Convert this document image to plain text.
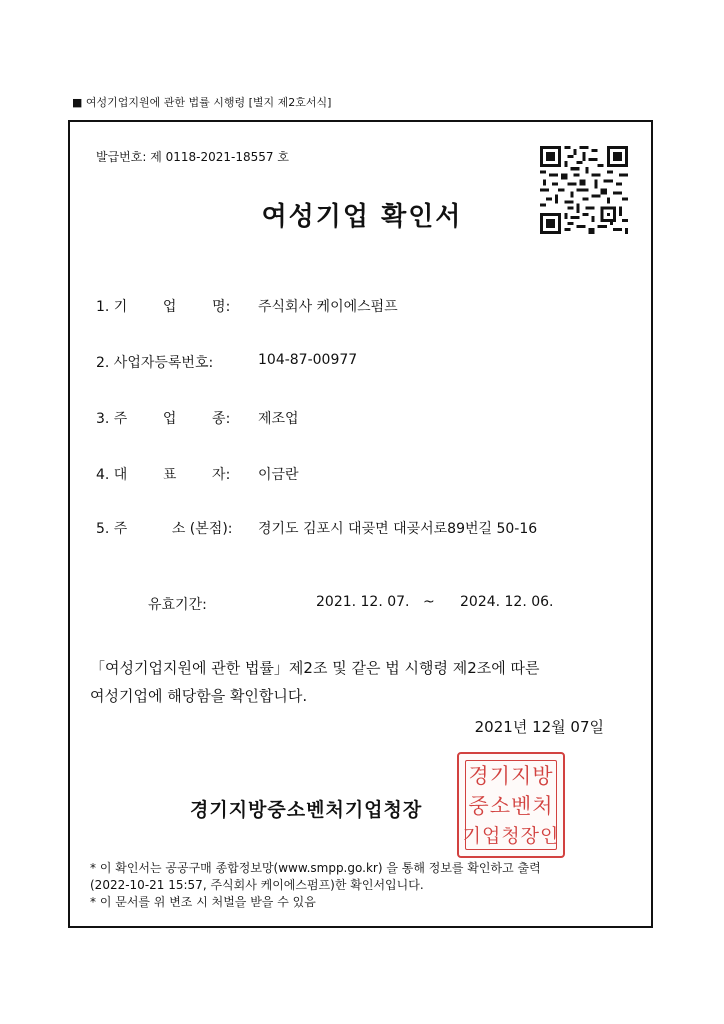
■ 여성기업지원에 관한 법률 시행령 [별지 제2호서식]
발급번호: 제 0118-2021-18557 호
여성기업 확인서
1. 기        업        명: 주식회사 케이에스펌프
2. 사업자등록번호:	104-87-00977
3. 주        업        종: 제조업
4. 대        표        자: 이금란
5. 주          소 (본점): 경기도 김포시 대곶면 대곶서로89번길 50-16
유효기간:	2021. 12. 07. ~ 2024. 12. 06.
「여성기업지원에 관한 법률」제2조 및 같은 법 시행령 제2조에 따른
여성기업에 해당함을 확인합니다.
2021년 12월 07일
경기지방중소벤처기업청장
경기지방
중소벤처
기업청장인
* 이 확인서는 공공구매 종합정보망(www.smpp.go.kr) 을 통해 정보를 확인하고 출력
(2022-10-21 15:57, 주식회사 케이에스펌프)한 확인서입니다.
* 이 문서를 위 변조 시 처벌을 받을 수 있음
